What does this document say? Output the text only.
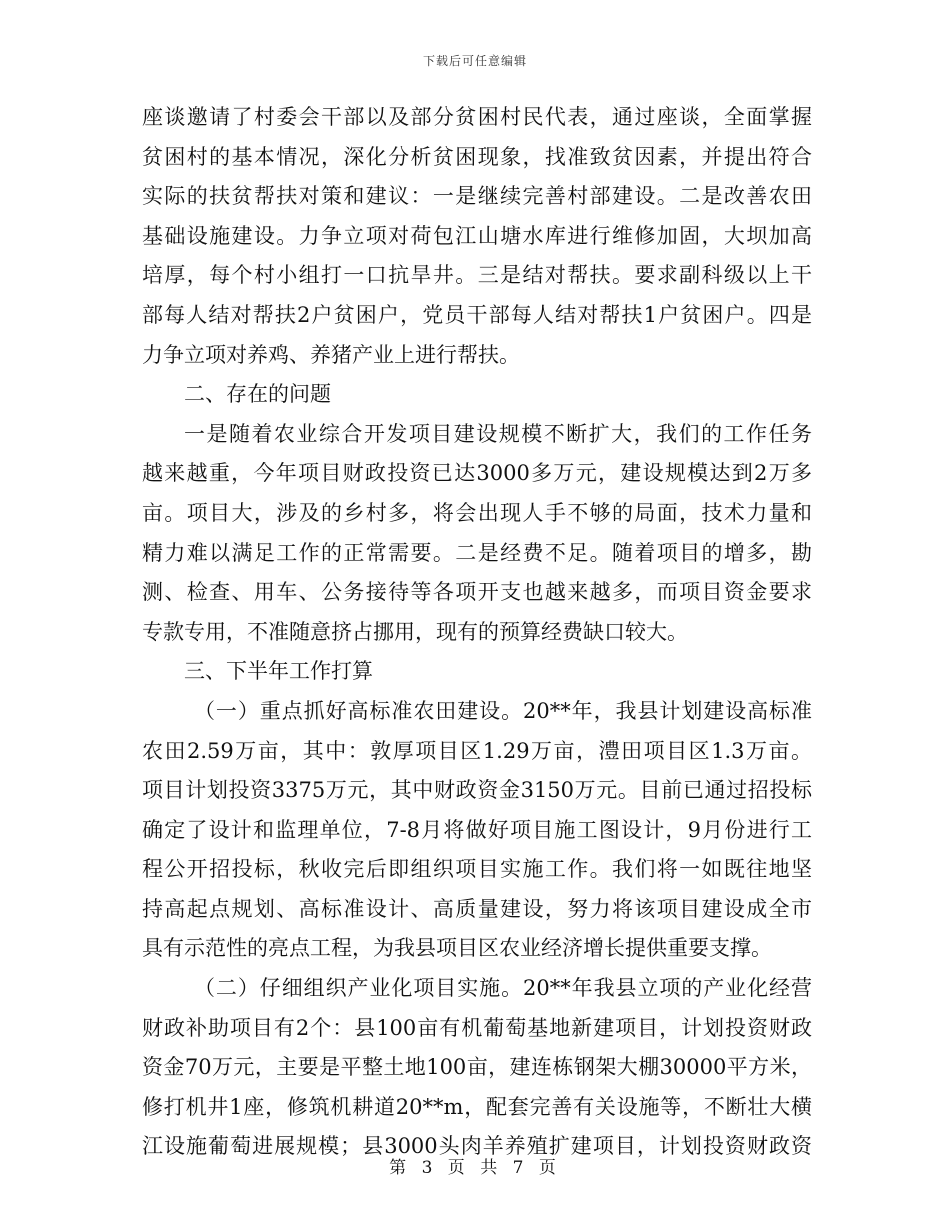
下载后可任意编辑
座谈邀请了村委会干部以及部分贫困村民代表，通过座谈，全面掌握
贫困村的基本情况，深化分析贫困现象，找准致贫因素，并提出符合
实际的扶贫帮扶对策和建议：一是继续完善村部建设。二是改善农田
基础设施建设。力争立项对荷包江山塘水库进行维修加固，大坝加高
培厚，每个村小组打一口抗旱井。三是结对帮扶。要求副科级以上干
部每人结对帮扶2户贫困户，党员干部每人结对帮扶1户贫困户。四是
力争立项对养鸡、养猪产业上进行帮扶。
二、存在的问题
一是随着农业综合开发项目建设规模不断扩大，我们的工作任务
越来越重，今年项目财政投资已达3000多万元，建设规模达到2万多
亩。项目大，涉及的乡村多，将会出现人手不够的局面，技术力量和
精力难以满足工作的正常需要。二是经费不足。随着项目的增多，勘
测、检查、用车、公务接待等各项开支也越来越多，而项目资金要求
专款专用，不准随意挤占挪用，现有的预算经费缺口较大。
三、下半年工作打算
（一）重点抓好高标准农田建设。20**年，我县计划建设高标准
农田2.59万亩，其中：敦厚项目区1.29万亩，澧田项目区1.3万亩。
项目计划投资3375万元，其中财政资金3150万元。目前已通过招投标
确定了设计和监理单位，7-8月将做好项目施工图设计，9月份进行工
程公开招投标，秋收完后即组织项目实施工作。我们将一如既往地坚
持高起点规划、高标准设计、高质量建设，努力将该项目建设成全市
具有示范性的亮点工程，为我县项目区农业经济增长提供重要支撑。
（二）仔细组织产业化项目实施。20**年我县立项的产业化经营
财政补助项目有2个：县100亩有机葡萄基地新建项目，计划投资财政
资金70万元，主要是平整土地100亩，建连栋钢架大棚30000平方米，
修打机井1座，修筑机耕道20**m，配套完善有关设施等，不断壮大横
江设施葡萄进展规模；县3000头肉羊养殖扩建项目，计划投资财政资
第 3 页 共 7 页
